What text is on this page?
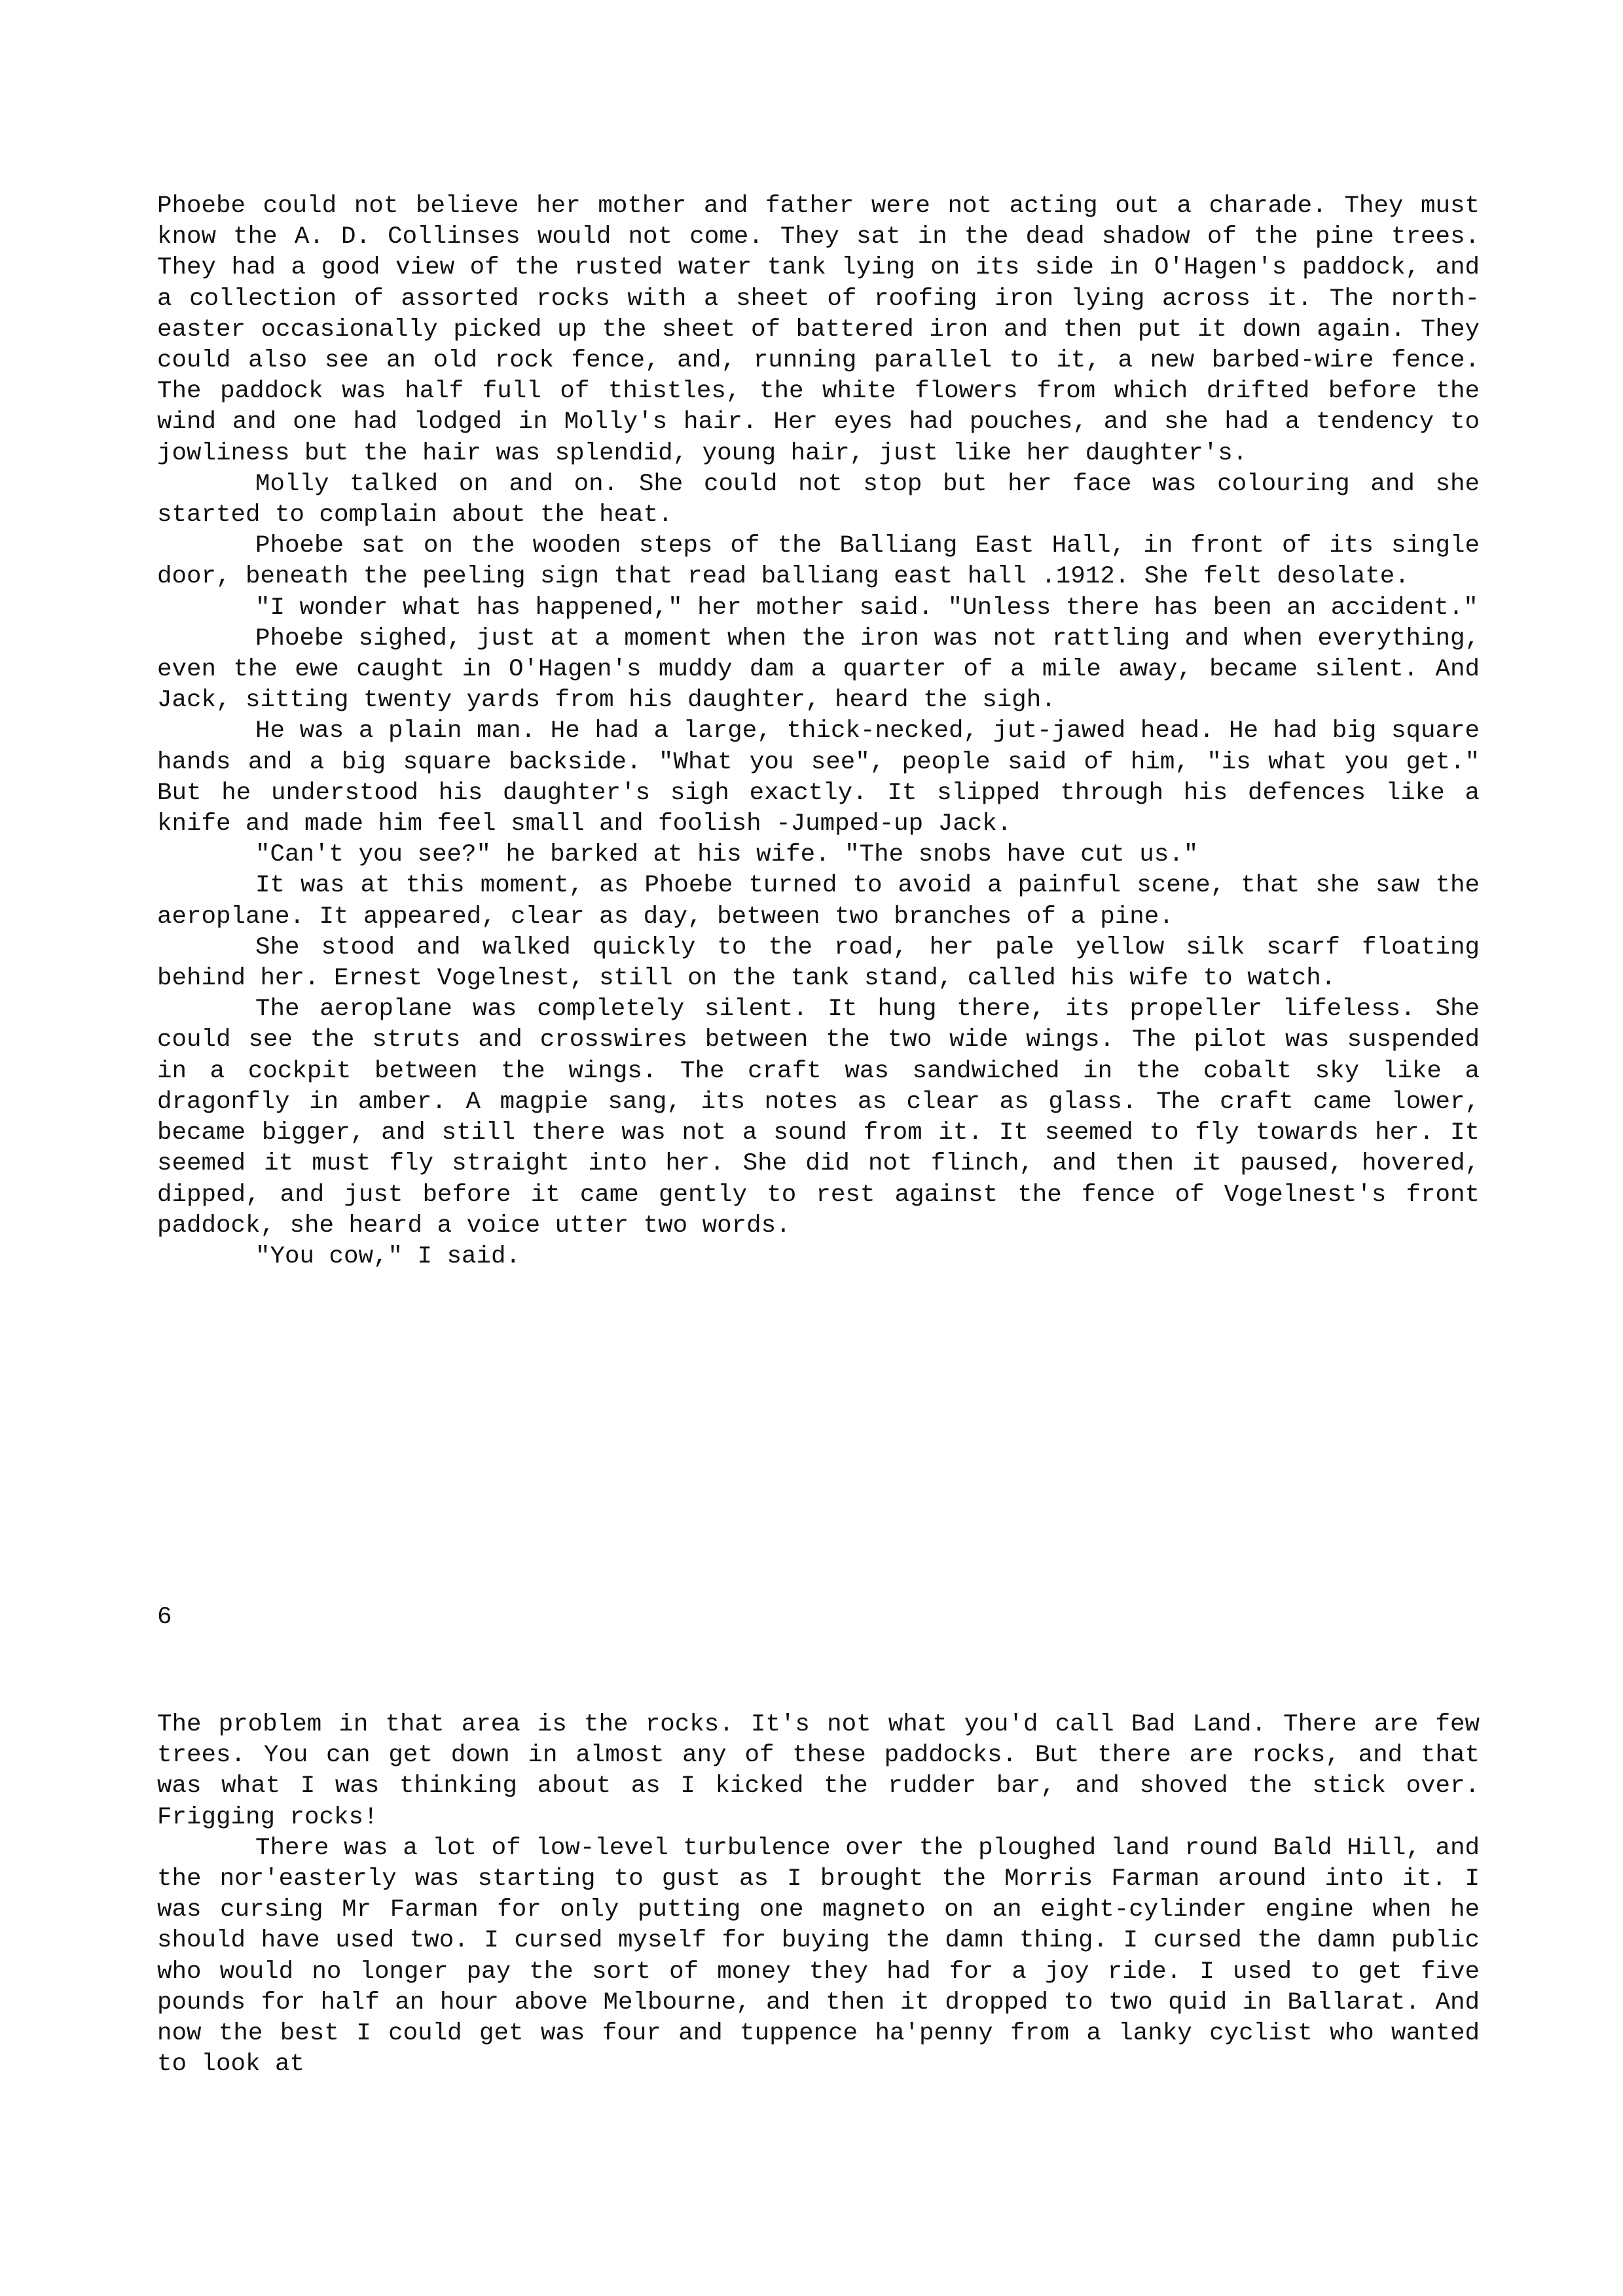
Phoebe could not believe her mother and father were not acting out a charade. They must know the A. D. Collinses would not come. They sat in the dead shadow of the pine trees. They had a good view of the rusted water tank lying on its side in O'Hagen's paddock, and a collection of assorted rocks with a sheet of roofing iron lying across it. The north-easter occasionally picked up the sheet of battered iron and then put it down again. They could also see an old rock fence, and, running parallel to it, a new barbed-wire fence. The paddock was half full of thistles, the white flowers from which drifted before the wind and one had lodged in Molly's hair. Her eyes had pouches, and she had a tendency to jowliness but the hair was splendid, young hair, just like her daughter's.

Molly talked on and on. She could not stop but her face was colouring and she started to complain about the heat.

Phoebe sat on the wooden steps of the Balliang East Hall, in front of its single door, beneath the peeling sign that read balliang east hall .1912. She felt desolate.

"I wonder what has happened," her mother said. "Unless there has been an accident."

Phoebe sighed, just at a moment when the iron was not rattling and when everything, even the ewe caught in O'Hagen's muddy dam a quarter of a mile away, became silent. And Jack, sitting twenty yards from his daughter, heard the sigh.

He was a plain man. He had a large, thick-necked, jut-jawed head. He had big square hands and a big square backside. "What you see", people said of him, "is what you get." But he understood his daughter's sigh exactly. It slipped through his defences like a knife and made him feel small and foolish -Jumped-up Jack.

"Can't you see?" he barked at his wife. "The snobs have cut us."

It was at this moment, as Phoebe turned to avoid a painful scene, that she saw the aeroplane. It appeared, clear as day, between two branches of a pine.

She stood and walked quickly to the road, her pale yellow silk scarf floating behind her. Ernest Vogelnest, still on the tank stand, called his wife to watch.

The aeroplane was completely silent. It hung there, its propeller lifeless. She could see the struts and crosswires between the two wide wings. The pilot was suspended in a cockpit between the wings. The craft was sandwiched in the cobalt sky like a dragonfly in amber. A magpie sang, its notes as clear as glass. The craft came lower, became bigger, and still there was not a sound from it. It seemed to fly towards her. It seemed it must fly straight into her. She did not flinch, and then it paused, hovered, dipped, and just before it came gently to rest against the fence of Vogelnest's front paddock, she heard a voice utter two words.

"You cow," I said.

6

The problem in that area is the rocks. It's not what you'd call Bad Land. There are few trees. You can get down in almost any of these paddocks. But there are rocks, and that was what I was thinking about as I kicked the rudder bar, and shoved the stick over. Frigging rocks!

There was a lot of low-level turbulence over the ploughed land round Bald Hill, and the nor'easterly was starting to gust as I brought the Morris Farman around into it. I was cursing Mr Farman for only putting one magneto on an eight-cylinder engine when he should have used two. I cursed myself for buying the damn thing. I cursed the damn public who would no longer pay the sort of money they had for a joy ride. I used to get five pounds for half an hour above Melbourne, and then it dropped to two quid in Ballarat. And now the best I could get was four and tuppence ha'penny from a lanky cyclist who wanted to look at
